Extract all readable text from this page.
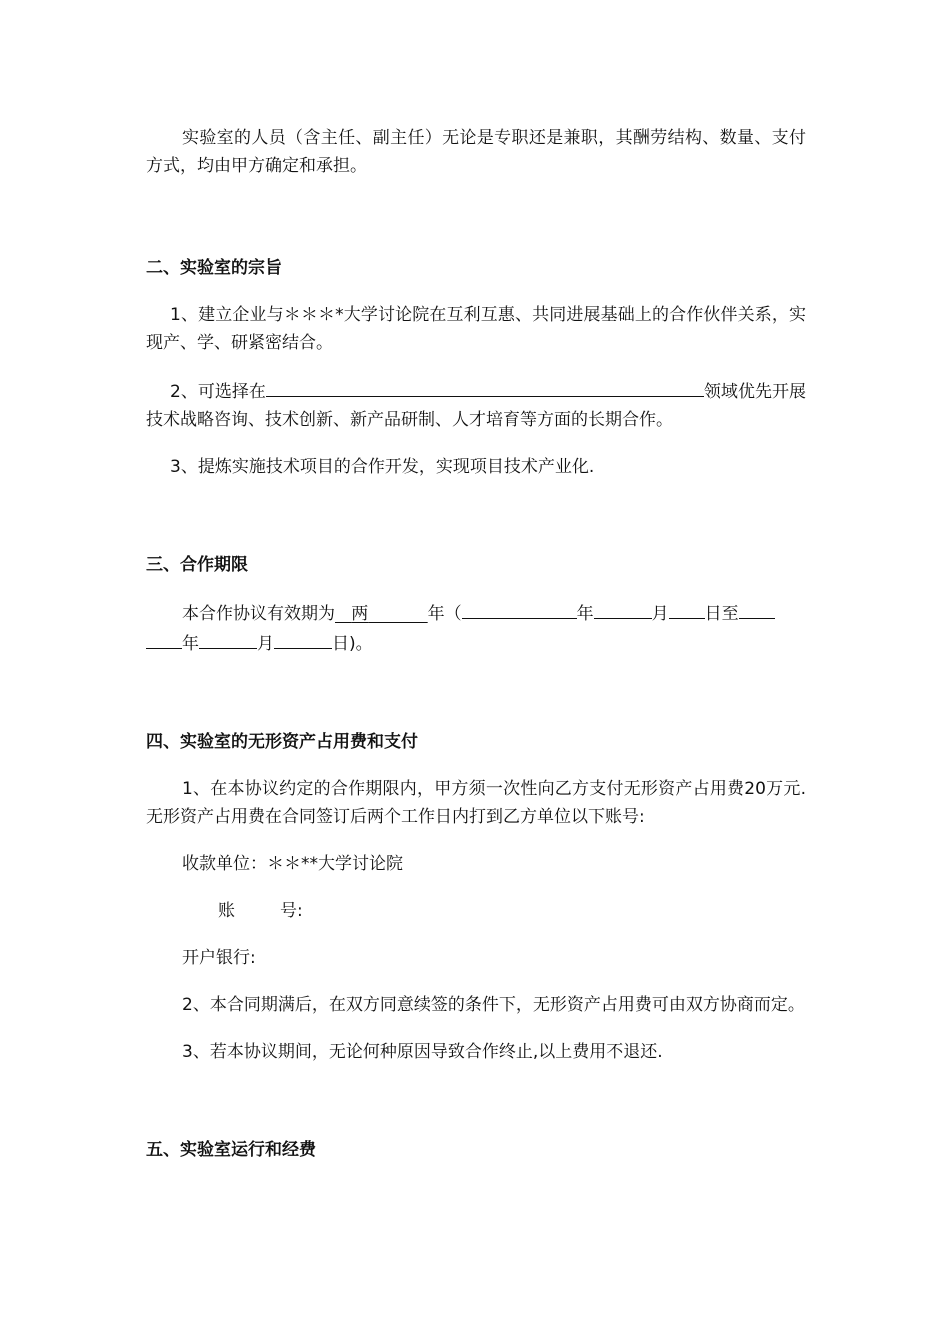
实验室的人员（含主任、副主任）无论是专职还是兼职，其酬劳结构、数量、支付方式，均由甲方确定和承担。

二、实验室的宗旨

1、建立企业与＊＊＊*大学讨论院在互利互惠、共同进展基础上的合作伙伴关系，实现产、学、研紧密结合。

2、可选择在	领域优先开展技术战略咨询、技术创新、新产品研制、人才培育等方面的长期合作。

3、提炼实施技术项目的合作开发，实现项目技术产业化.

三、合作期限

本合作协议有效期为 两	年（	年	月 日至
年	月	日)。

四、实验室的无形资产占用费和支付

1、在本协议约定的合作期限内，甲方须一次性向乙方支付无形资产占用费20万元.无形资产占用费在合同签订后两个工作日内打到乙方单位以下账号:

收款单位：＊＊**大学讨论院

账	号:

开户银行:

2、本合同期满后，在双方同意续签的条件下，无形资产占用费可由双方协商而定。

3、若本协议期间，无论何种原因导致合作终止,以上费用不退还.

五、实验室运行和经费
